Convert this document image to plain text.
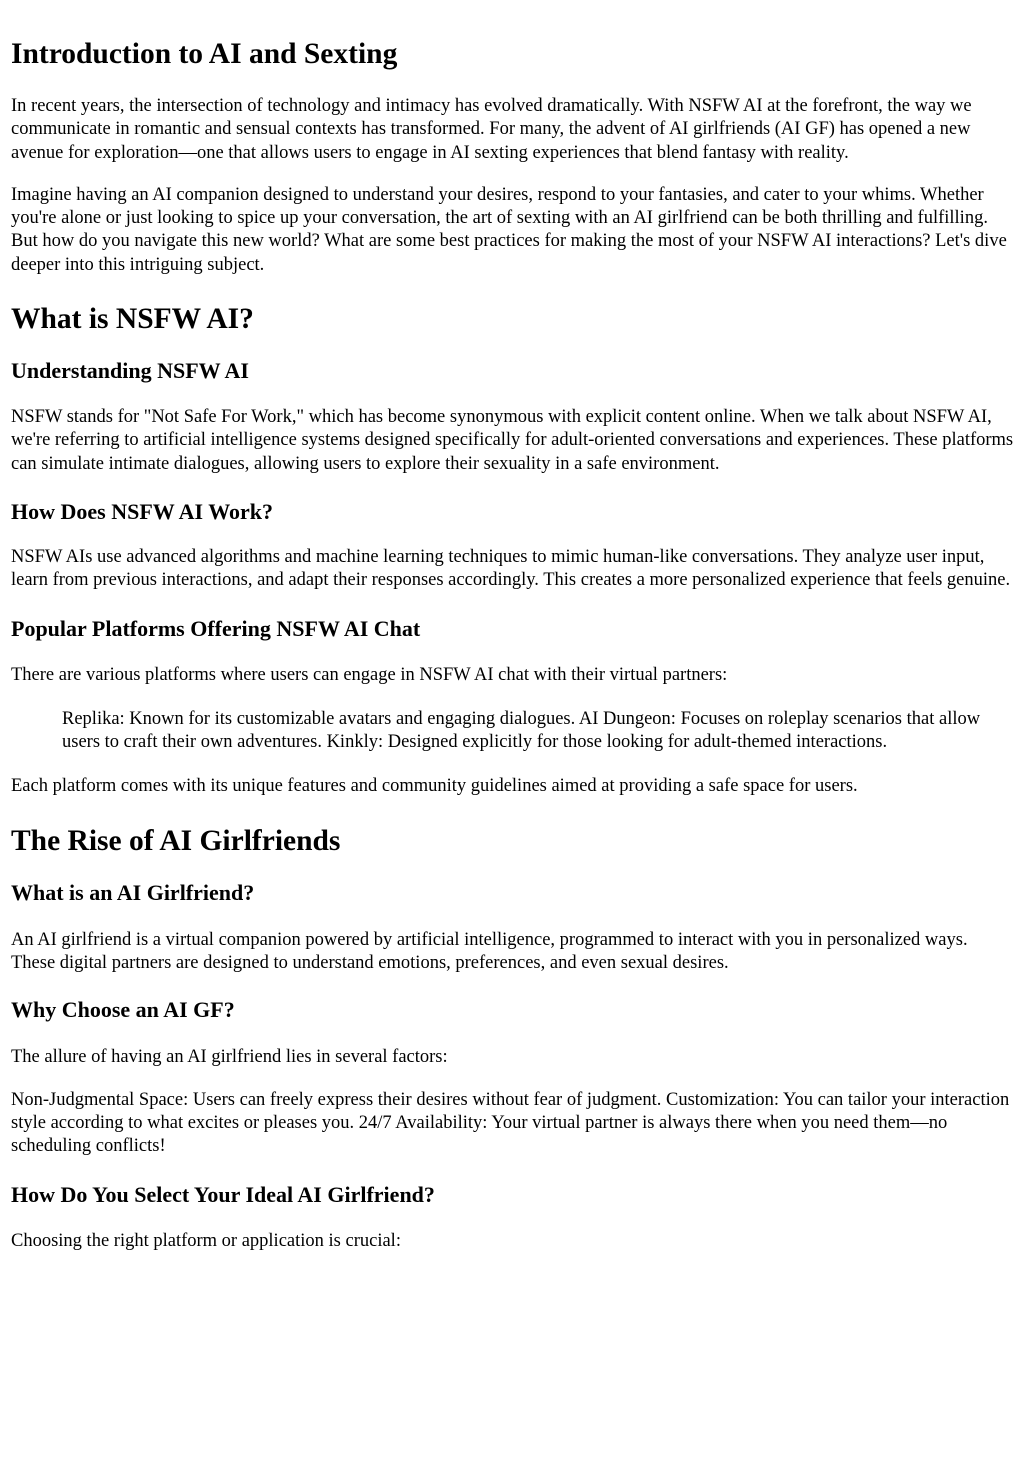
Introduction to AI and Sexting

In recent years, the intersection of technology and intimacy has evolved dramatically. With NSFW AI at the forefront, the way we communicate in romantic and sensual contexts has transformed. For many, the advent of AI girlfriends (AI GF) has opened a new avenue for exploration—one that allows users to engage in AI sexting experiences that blend fantasy with reality.

Imagine having an AI companion designed to understand your desires, respond to your fantasies, and cater to your whims. Whether you're alone or just looking to spice up your conversation, the art of sexting with an AI girlfriend can be both thrilling and fulfilling. But how do you navigate this new world? What are some best practices for making the most of your NSFW AI interactions? Let's dive deeper into this intriguing subject.

What is NSFW AI?
Understanding NSFW AI

NSFW stands for "Not Safe For Work," which has become synonymous with explicit content online. When we talk about NSFW AI, we're referring to artificial intelligence systems designed specifically for adult-oriented conversations and experiences. These platforms can simulate intimate dialogues, allowing users to explore their sexuality in a safe environment.

How Does NSFW AI Work?

NSFW AIs use advanced algorithms and machine learning techniques to mimic human-like conversations. They analyze user input, learn from previous interactions, and adapt their responses accordingly. This creates a more personalized experience that feels genuine.

Popular Platforms Offering NSFW AI Chat

There are various platforms where users can engage in NSFW AI chat with their virtual partners:

Replika: Known for its customizable avatars and engaging dialogues. AI Dungeon: Focuses on roleplay scenarios that allow users to craft their own adventures. Kinkly: Designed explicitly for those looking for adult-themed interactions.

Each platform comes with its unique features and community guidelines aimed at providing a safe space for users.

The Rise of AI Girlfriends
What is an AI Girlfriend?

An AI girlfriend is a virtual companion powered by artificial intelligence, programmed to interact with you in personalized ways. These digital partners are designed to understand emotions, preferences, and even sexual desires.

Why Choose an AI GF?

The allure of having an AI girlfriend lies in several factors:

Non-Judgmental Space: Users can freely express their desires without fear of judgment. Customization: You can tailor your interaction style according to what excites or pleases you. 24/7 Availability: Your virtual partner is always there when you need them—no scheduling conflicts!

How Do You Select Your Ideal AI Girlfriend?

Choosing the right platform or application is crucial:
